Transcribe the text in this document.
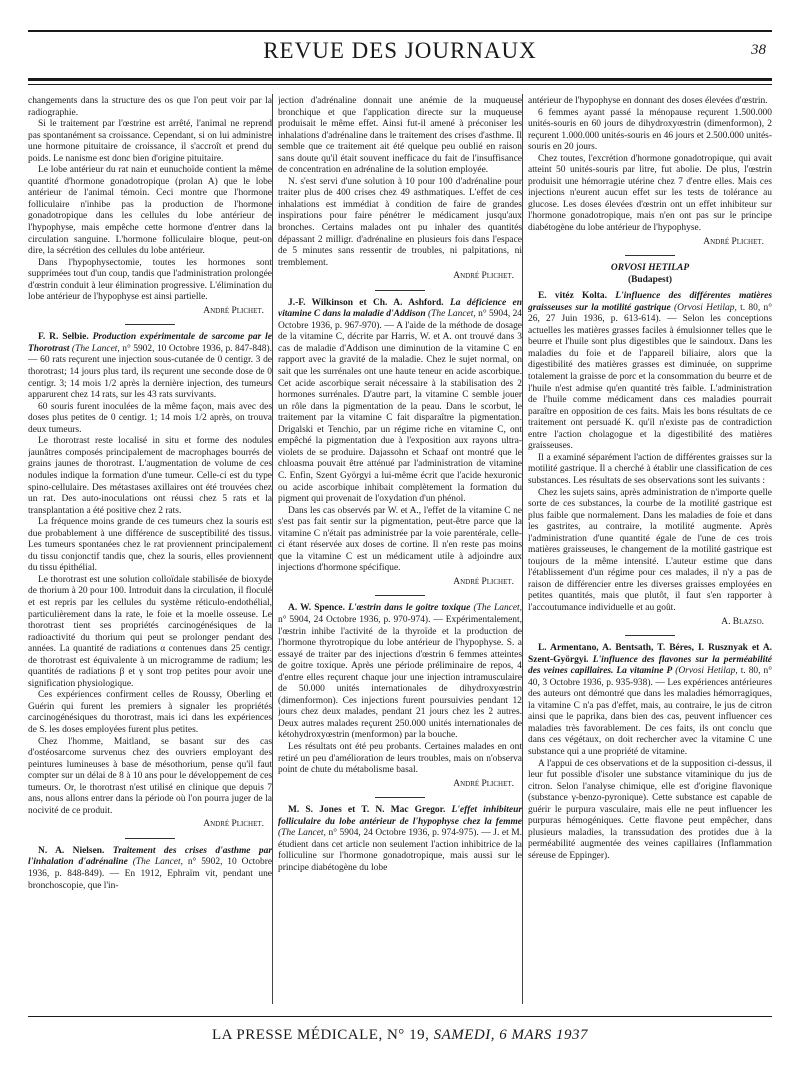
REVUE DES JOURNAUX	38

changements dans la structure des os que l'on peut voir par la radiographie.

Si le traitement par l'œstrine est arrêté, l'animal ne reprend pas spontanément sa croissance. Cependant, si on lui administre une hormone pituitaire de croissance, il s'accroît et prend du poids. Le nanisme est donc bien d'origine pituitaire.

Le lobe antérieur du rat nain et eunuchoïde contient la même quantité d'hormone gonadotropique (prolan A) que le lobe antérieur de l'animal témoin. Ceci montre que l'hormone folliculaire n'inhibe pas la production de l'hormone gonadotropique dans les cellules du lobe antérieur de l'hypophyse, mais empêche cette hormone d'entrer dans la circulation sanguine. L'hormone folliculaire bloque, peut-on dire, la sécrétion des cellules du lobe antérieur.

Dans l'hypophysectomie, toutes les hormones sont supprimées tout d'un coup, tandis que l'administration prolongée d'œstrin conduit à leur élimination progressive. L'élimination du lobe antérieur de l'hypophyse est ainsi partielle.

André Plichet.

F. R. Selbie. Production expérimentale de sarcome par le Thorotrast (The Lancet, n° 5902, 10 Octobre 1936, p. 847-848). — 60 rats reçurent une injection sous-cutanée de 0 centigr. 3 de thorotrast; 14 jours plus tard, ils reçurent une seconde dose de 0 centigr. 3; 14 mois 1/2 après la dernière injection, des tumeurs apparurent chez 14 rats, sur les 43 rats survivants.

60 souris furent inoculées de la même façon, mais avec des doses plus petites de 0 centigr. 1; 14 mois 1/2 après, on trouva deux tumeurs.

Le thorotrast reste localisé in situ et forme des nodules jaunâtres composés principalement de macrophages bourrés de grains jaunes de thorotrast. L'augmentation de volume de ces nodules indique la formation d'une tumeur. Celle-ci est du type spino-cellulaire. Des métastases axillaires ont été trouvées chez un rat. Des auto-inoculations ont réussi chez 5 rats et la transplantation a été positive chez 2 rats.

La fréquence moins grande de ces tumeurs chez la souris est due probablement à une différence de susceptibilité des tissus. Les tumeurs spontanées chez le rat proviennent principalement du tissu conjonctif tandis que, chez la souris, elles proviennent du tissu épithélial.

Le thorotrast est une solution colloïdale stabilisée de bioxyde de thorium à 20 pour 100. Introduit dans la circulation, il floculé et est repris par les cellules du système réticulo-endothélial, particulièrement dans la rate, le foie et la moelle osseuse. Le thorotrast tient ses propriétés carcinogénésiques de la radioactivité du thorium qui peut se prolonger pendant des années. La quantité de radiations α contenues dans 25 centigr. de thorotrast est équivalente à un microgramme de radium; les quantités de radiations β et γ sont trop petites pour avoir une signification physiologique.

Ces expériences confirment celles de Roussy, Oberling et Guérin qui furent les premiers à signaler les propriétés carcinogénésiques du thorotrast, mais ici dans les expériences de S. les doses employées furent plus petites.

Chez l'homme, Maitland, se basant sur des cas d'ostéosarcome survenus chez des ouvriers employant des peintures lumineuses à base de mésothorium, pense qu'il faut compter sur un délai de 8 à 10 ans pour le développement de ces tumeurs. Or, le thorotrast n'est utilisé en clinique que depuis 7 ans, nous allons entrer dans la période où l'on pourra juger de la nocivité de ce produit.

André Plichet.

N. A. Nielsen. Traitement des crises d'asthme par l'inhalation d'adrénaline (The Lancet, n° 5902, 10 Octobre 1936, p. 848-849). — En 1912, Ephraïm vit, pendant une bronchoscopie, que l'in-

jection d'adrénaline donnait une anémie de la muqueuse bronchique et que l'application directe sur la muqueuse produisait le même effet. Ainsi fut-il amené à préconiser les inhalations d'adrénaline dans le traitement des crises d'asthme. Il semble que ce traitement ait été quelque peu oublié en raison sans doute qu'il était souvent inefficace du fait de l'insuffisance de concentration en adrénaline de la solution employée.

N. s'est servi d'une solution à 10 pour 100 d'adrénaline pour traiter plus de 400 crises chez 49 asthmatiques. L'effet de ces inhalations est immédiat à condition de faire de grandes inspirations pour faire pénétrer le médicament jusqu'aux bronches. Certains malades ont pu inhaler des quantités dépassant 2 milligr. d'adrénaline en plusieurs fois dans l'espace de 5 minutes sans ressentir de troubles, ni palpitations, ni tremblement.

André Plichet.

J.-F. Wilkinson et Ch. A. Ashford. La déficience en vitamine C dans la maladie d'Addison (The Lancet, n° 5904, 24 Octobre 1936, p. 967-970). — A l'aide de la méthode de dosage de la vitamine C, décrite par Harris, W. et A. ont trouvé dans 3 cas de maladie d'Addison une diminution de la vitamine C en rapport avec la gravité de la maladie. Chez le sujet normal, on sait que les surrénales ont une haute teneur en acide ascorbique. Cet acide ascorbique serait nécessaire à la stabilisation des 2 hormones surrénales. D'autre part, la vitamine C semble jouer un rôle dans la pigmentation de la peau. Dans le scorbut, le traitement par la vitamine C fait disparaître la pigmentation. Drigalski et Tenchio, par un régime riche en vitamine C, ont empêché la pigmentation due à l'exposition aux rayons ultra-violets de se produire. Dajassohn et Schaaf ont montré que le chloasma pouvait être atténué par l'administration de vitamine C. Enfin, Szent Györgyi a lui-même écrit que l'acide hexuronic ou acide ascorbique inhibait complètement la formation du pigment qui provenait de l'oxydation d'un phénol.

Dans les cas observés par W. et A., l'effet de la vitamine C ne s'est pas fait sentir sur la pigmentation, peut-être parce que la vitamine C n'était pas administrée par la voie parentérale, celle-ci étant réservée aux doses de cortine. Il n'en reste pas moins que la vitamine C est un médicament utile à adjoindre aux injections d'hormone spécifique.

André Plichet.

A. W. Spence. L'œstrin dans le goitre toxique (The Lancet, n° 5904, 24 Octobre 1936, p. 970-974). — Expérimentalement, l'œstrin inhibe l'activité de la thyroïde et la production de l'hormone thyrotropique du lobe antérieur de l'hypophyse. S. a essayé de traiter par des injections d'œstrin 6 femmes atteintes de goitre toxique. Après une période préliminaire de repos, 4 d'entre elles reçurent chaque jour une injection intramusculaire de 50.000 unités internationales de dihydroxyœstrin (dimenformon). Ces injections furent poursuivies pendant 12 jours chez deux malades, pendant 21 jours chez les 2 autres. Deux autres malades reçurent 250.000 unités internationales de kétohydroxyœstrin (menformon) par la bouche.

Les résultats ont été peu probants. Certaines malades en ont retiré un peu d'amélioration de leurs troubles, mais on n'observa point de chute du métabolisme basal.

André Plichet.

M. S. Jones et T. N. Mac Gregor. L'effet inhibiteur folliculaire du lobe antérieur de l'hypophyse chez la femme (The Lancet, n° 5904, 24 Octobre 1936, p. 974-975). — J. et M. étudient dans cet article non seulement l'action inhibitrice de la folliculine sur l'hormone gonadotropique, mais aussi sur le principe diabétogène du lobe

antérieur de l'hypophyse en donnant des doses élevées d'œstrin.

6 femmes ayant passé la ménopause reçurent 1.500.000 unités-souris en 60 jours de dihydroxyœstrin (dimenformon), 2 reçurent 1.000.000 unités-souris en 46 jours et 2.500.000 unités-souris en 20 jours.

Chez toutes, l'excrétion d'hormone gonadotropique, qui avait atteint 50 unités-souris par litre, fut abolie. De plus, l'œstrin produisit une hémorragie utérine chez 7 d'entre elles. Mais ces injections n'eurent aucun effet sur les tests de tolérance au glucose. Les doses élevées d'œstrin ont un effet inhibiteur sur l'hormone gonadotropique, mais n'en ont pas sur le principe diabétogène du lobe antérieur de l'hypophyse.

André Plichet.

ORVOSI HETILAP

(Budapest)

E. vitéz Kolta. L'influence des différentes matières graisseuses sur la motilité gastrique (Orvosi Hetilap, t. 80, n° 26, 27 Juin 1936, p. 613-614). — Selon les conceptions actuelles les matières grasses faciles à émulsionner telles que le beurre et l'huile sont plus digestibles que le saindoux. Dans les maladies du foie et de l'appareil biliaire, alors que la digestibilité des matières grasses est diminuée, on supprime totalement la graisse de porc et la consommation du beurre et de l'huile n'est admise qu'en quantité très faible. L'administration de l'huile comme médicament dans ces maladies pourrait paraître en opposition de ces faits. Mais les bons résultats de ce traitement ont persuadé K. qu'il n'existe pas de contradiction entre l'action cholagogue et la digestibilité des matières graisseuses.

Il a examiné séparément l'action de différentes graisses sur la motilité gastrique. Il a cherché à établir une classification de ces substances. Les résultats de ses observations sont les suivants :

Chez les sujets sains, après administration de n'importe quelle sorte de ces substances, la courbe de la motilité gastrique est plus faible que normalement. Dans les maladies de foie et dans les gastrites, au contraire, la motilité augmente. Après l'administration d'une quantité égale de l'une de ces trois matières graisseuses, le changement de la motilité gastrique est toujours de la même intensité. L'auteur estime que dans l'établissement d'un régime pour ces malades, il n'y a pas de raison de différencier entre les diverses graisses employées en petites quantités, mais que plutôt, il faut s'en rapporter à l'accoutumance individuelle et au goût.

A. Blazso.

L. Armentano, A. Bentsath, T. Béres, I. Rusznyak et A. Szent-Györgyi. L'influence des flavones sur la perméabilité des veines capillaires. La vitamine P (Orvosi Hetilap, t. 80, n° 40, 3 Octobre 1936, p. 935-938). — Les expériences antérieures des auteurs ont démontré que dans les maladies hémorragiques, la vitamine C n'a pas d'effet, mais, au contraire, le jus de citron ainsi que le paprika, dans bien des cas, peuvent influencer ces maladies très favorablement. De ces faits, ils ont conclu que dans ces végétaux, on doit rechercher avec la vitamine C une substance qui a une propriété de vitamine.

A l'appui de ces observations et de la supposition ci-dessus, il leur fut possible d'isoler une substance vitaminique du jus de citron. Selon l'analyse chimique, elle est d'origine flavonique (substance γ-benzo-pyronique). Cette substance est capable de guérir le purpura vasculaire, mais elle ne peut influencer les purpuras hémogéniques. Cette flavone peut empêcher, dans plusieurs maladies, la transsudation des protides due à la perméabilité augmentée des veines capillaires (Inflammation séreuse de Eppinger).

LA PRESSE MÉDICALE, N° 19, SAMEDI, 6 MARS 1937
